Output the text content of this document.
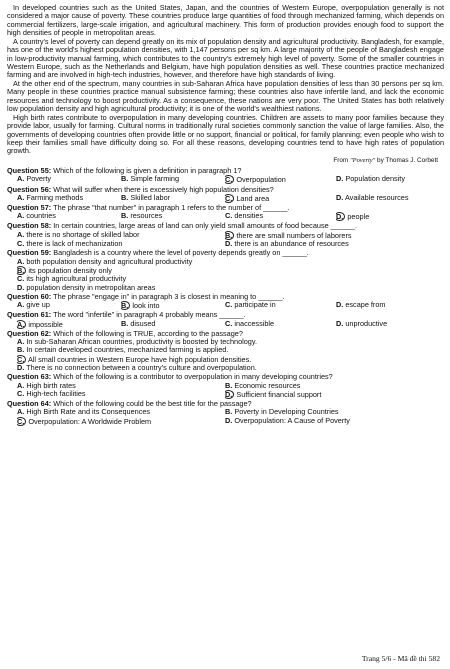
In developed countries such as the United States, Japan, and the countries of Western Europe, overpopulation generally is not considered a major cause of poverty. These countries produce large quantities of food through mechanized farming, which depends on commercial fertilizers, large-scale irrigation, and agricultural machinery. This form of production provides enough food to support the high densities of people in metropolitan areas.

A country's level of poverty can depend greatly on its mix of population density and agricultural productivity. Bangladesh, for example, has one of the world's highest population densities, with 1,147 persons per sq km. A large majority of the people of Bangladesh engage in low-productivity manual farming, which contributes to the country's extremely high level of poverty. Some of the smaller countries in Western Europe, such as the Netherlands and Belgium, have high population densities as well. These countries practice mechanized farming and are involved in high-tech industries, however, and therefore have high standards of living.

At the other end of the spectrum, many countries in sub-Saharan Africa have population densities of less than 30 persons per sq km. Many people in these countries practice manual subsistence farming; these countries also have infertile land, and lack the economic resources and technology to boost productivity. As a consequence, these nations are very poor. The United States has both relatively low population density and high agricultural productivity; it is one of the world's wealthiest nations.

High birth rates contribute to overpopulation in many developing countries. Children are assets to many poor families because they provide labor, usually for farming. Cultural norms in traditionally rural societies commonly sanction the value of large families. Also, the governments of developing countries often provide little or no support, financial or political, for family planning; even people who wish to keep their families small have difficulty doing so. For all these reasons, developing countries tend to have high rates of population growth.

From "Poverty" by Thomas J. Corbett
Question 55: Which of the following is given a definition in paragraph 1?
A. Poverty	B. Simple farming	C. Overpopulation	D. Population density
Question 56: What will suffer when there is excessively high population densities?
A. Farming methods	B. Skilled labor	C. Land area	D. Available resources
Question 57: The phrase "that number" in paragraph 1 refers to the number of ______.
A. countries	B. resources	C. densities	D. people
Question 58: In certain countries, large areas of land can only yield small amounts of food because ______.
A. there is no shortage of skilled labor	B. there are small numbers of laborers
C. there is lack of mechanization	D. there is an abundance of resources
Question 59: Bangladesh is a country where the level of poverty depends greatly on ______.
A. both population density and agricultural productivity
B. its population density only
C. its high agricultural productivity
D. population density in metropolitan areas
Question 60: The phrase "engage in" in paragraph 3 is closest in meaning to ______.
A. give up	B. look into	C. participate in	D. escape from
Question 61: The word "infertile" in paragraph 4 probably means ______.
A. impossible	B. disused	C. inaccessible	D. unproductive
Question 62: Which of the following is TRUE, according to the passage?
A. In sub-Saharan African countries, productivity is boosted by technology.
B. In certain developed countries, mechanized farming is applied.
C. All small countries in Western Europe have high population densities.
D. There is no connection between a country's culture and overpopulation.
Question 63: Which of the following is a contributor to overpopulation in many developing countries?
A. High birth rates	B. Economic resources
C. High-tech facilities	D. Sufficient financial support
Question 64: Which of the following could be the best title for the passage?
A. High Birth Rate and its Consequences	B. Poverty in Developing Countries
C. Overpopulation: A Worldwide Problem	D. Overpopulation: A Cause of Poverty
Trang 5/6 - Mã đề thi 582
